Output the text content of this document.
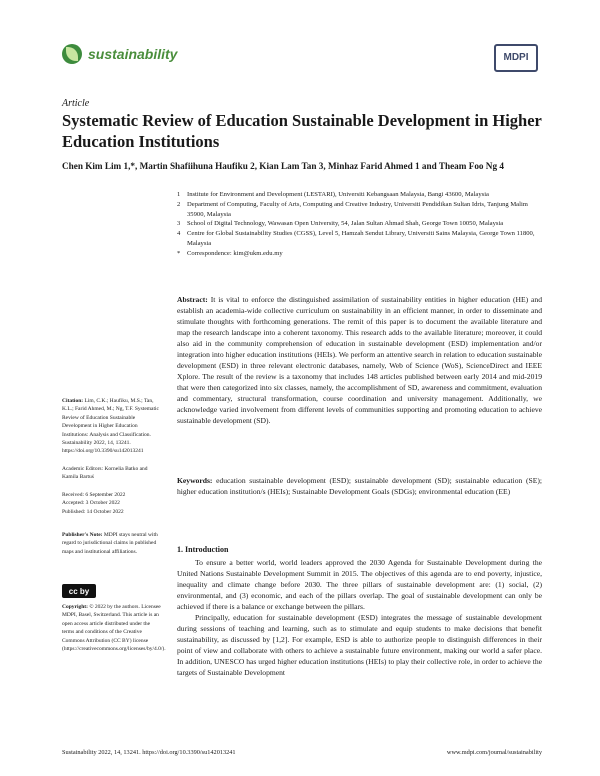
sustainability	MDPI
Article
Systematic Review of Education Sustainable Development in Higher Education Institutions
Chen Kim Lim 1,*, Martin Shafiihuna Haufiku 2, Kian Lam Tan 3, Minhaz Farid Ahmed 1 and Theam Foo Ng 4
1	Institute for Environment and Development (LESTARI), Universiti Kebangsaan Malaysia, Bangi 43600, Malaysia
2	Department of Computing, Faculty of Arts, Computing and Creative Industry, Universiti Pendidikan Sultan Idris, Tanjung Malim 35900, Malaysia
3	School of Digital Technology, Wawasan Open University, 54, Jalan Sultan Ahmad Shah, George Town 10050, Malaysia
4	Centre for Global Sustainability Studies (CGSS), Level 5, Hamzah Sendut Library, Universiti Sains Malaysia, George Town 11800, Malaysia
*	Correspondence: kim@ukm.edu.my
Abstract: It is vital to enforce the distinguished assimilation of sustainability entities in higher education (HE) and establish an academia-wide collective curriculum on sustainability in an efficient manner, in order to disseminate and stimulate thoughts with forthcoming generations. The remit of this paper is to document the available literature and map the research landscape into a coherent taxonomy. This research adds to the available literature; moreover, it could also aid in the community comprehension of education in sustainable development (ESD) implementation and/or integration into higher education institutions (HEIs). We perform an attentive search in relation to education sustainable development (ESD) in three relevant electronic databases, namely, Web of Science (WoS), ScienceDirect and IEEE Xplore. The result of the review is a taxonomy that includes 148 articles published between early 2014 and mid-2019 that were then categorized into six classes, namely, the accomplishment of SD, awareness and commitment, evaluation and commentary, structural transformation, course coordination and university management. Additionally, we acknowledge varied involvement from different levels of communities supporting and promoting education to achieve sustainable development (SD).
Keywords: education sustainable development (ESD); sustainable development (SD); sustainable education (SE); higher education institution/s (HEIs); Sustainable Development Goals (SDGs); environmental education (EE)
1. Introduction

To ensure a better world, world leaders approved the 2030 Agenda for Sustainable Development during the United Nations Sustainable Development Summit in 2015. The objectives of this agenda are to end poverty, injustice, inequality and climate change before 2030. The three pillars of sustainable development are: (1) social, (2) environmental, and (3) economic, and each of the pillars overlap. The goal of sustainable development can only be achieved if there is a balance or exchange between the pillars.

Principally, education for sustainable development (ESD) integrates the message of sustainable development during sessions of teaching and learning, such as to stimulate and equip students to make decisions that benefit sustainability, as discussed by [1,2]. For example, ESD is able to authorize people to distinguish differences in their point of view and collaborate with others to achieve a sustainable future environment, making our world a safer place. In addition, UNESCO has urged higher education institutions (HEIs) to play their collective role, in order to achieve the targets of Sustainable Development

Citation: Lim, C.K.; Haufiku, M.S.; Tan, K.L.; Farid Ahmed, M.; Ng, T.F. Systematic Review of Education Sustainable Development in Higher Education Institutions: Analysis and Classification. Sustainability 2022, 14, 13241. https://doi.org/10.3390/su142013241
Academic Editors: Kornelia Batko and Kamila Bartuś
Received: 6 September 2022
Accepted: 3 October 2022
Published: 14 October 2022
Publisher's Note: MDPI stays neutral with regard to jurisdictional claims in published maps and institutional affiliations.
cc by
Copyright: © 2022 by the authors. Licensee MDPI, Basel, Switzerland. This article is an open access article distributed under the terms and conditions of the Creative Commons Attribution (CC BY) license (https://creativecommons.org/licenses/by/4.0/).
Sustainability 2022, 14, 13241. https://doi.org/10.3390/su142013241	www.mdpi.com/journal/sustainability
